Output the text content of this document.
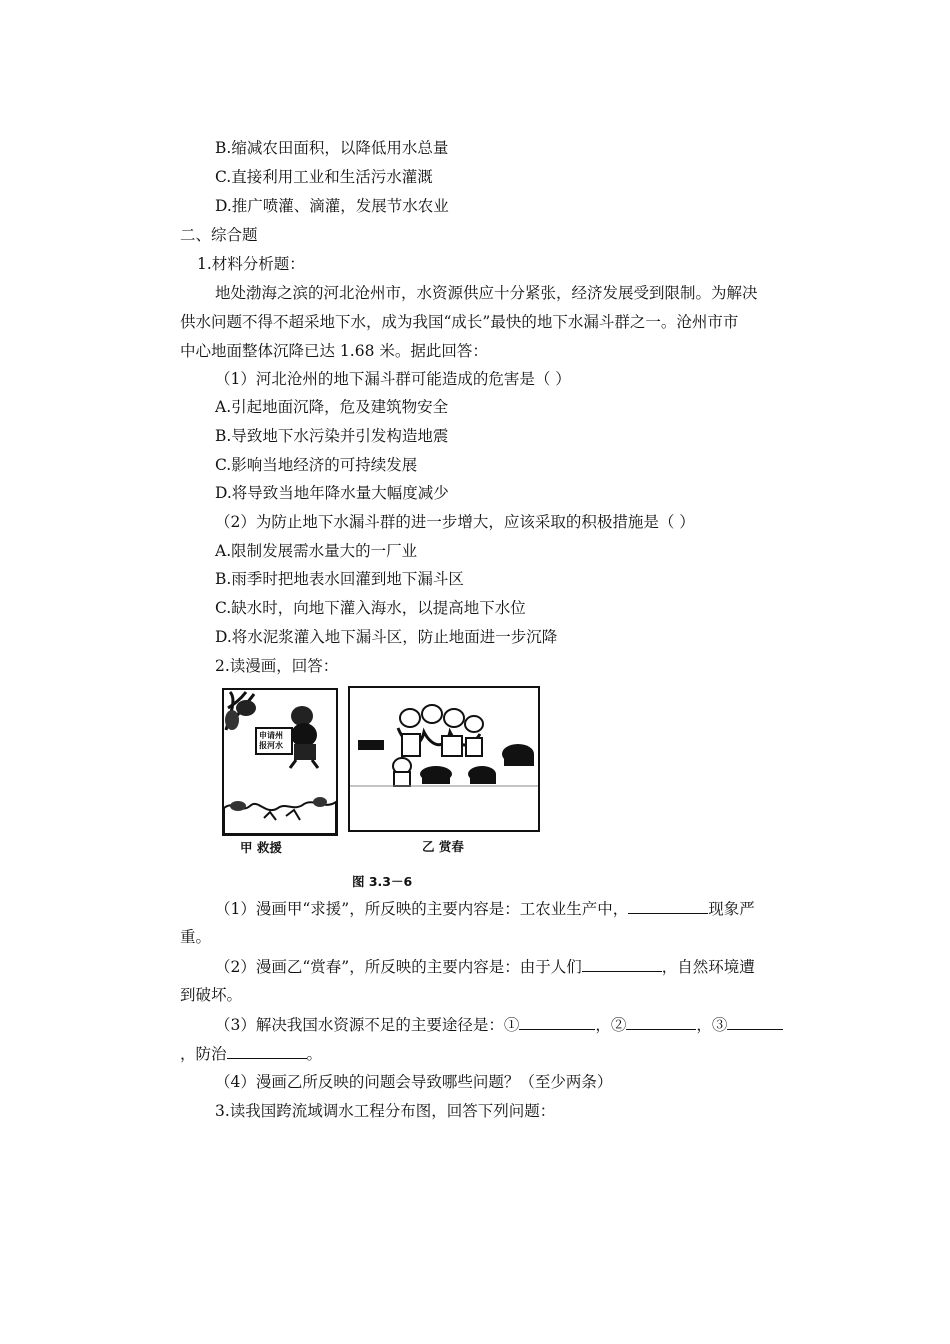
B.缩减农田面积，以降低用水总量
C.直接利用工业和生活污水灌溉
D.推广喷灌、滴灌，发展节水农业
二、综合题
1.材料分析题：
地处渤海之滨的河北沧州市，水资源供应十分紧张，经济发展受到限制。为解决
供水问题不得不超采地下水，成为我国“成长”最快的地下水漏斗群之一。沧州市市
中心地面整体沉降已达 1.68 米。据此回答：
（1）河北沧州的地下漏斗群可能造成的危害是（ ）
A.引起地面沉降，危及建筑物安全
B.导致地下水污染并引发构造地震
C.影响当地经济的可持续发展
D.将导致当地年降水量大幅度减少
（2）为防止地下水漏斗群的进一步增大，应该采取的积极措施是（ ）
A.限制发展需水量大的一厂业
B.雨季时把地表水回灌到地下漏斗区
C.缺水时，向地下灌入海水，以提高地下水位
D.将水泥浆灌入地下漏斗区，防止地面进一步沉降
2.读漫画，回答：
申请州
报河水
甲 救援	乙 赏春
图 3.3－6
（1）漫画甲“求援”，所反映的主要内容是：工农业生产中，	现象严
重。
（2）漫画乙“赏春”，所反映的主要内容是：由于人们	，自然环境遭
到破坏。
（3）解决我国水资源不足的主要途径是：①	，②	，③
，防治	。
（4）漫画乙所反映的问题会导致哪些问题？（至少两条）
3.读我国跨流域调水工程分布图，回答下列问题：
